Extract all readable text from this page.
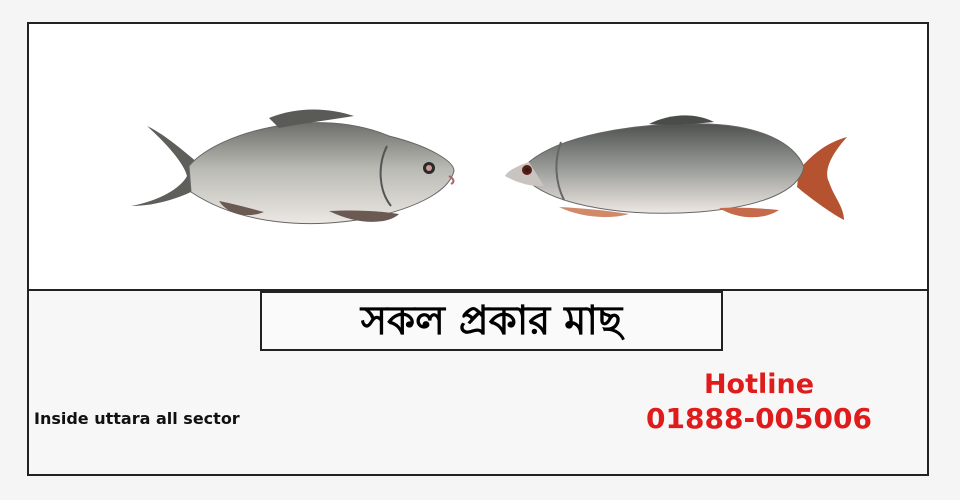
সকল প্রকার মাছ
Inside uttara all sector
Hotline
01888-005006
